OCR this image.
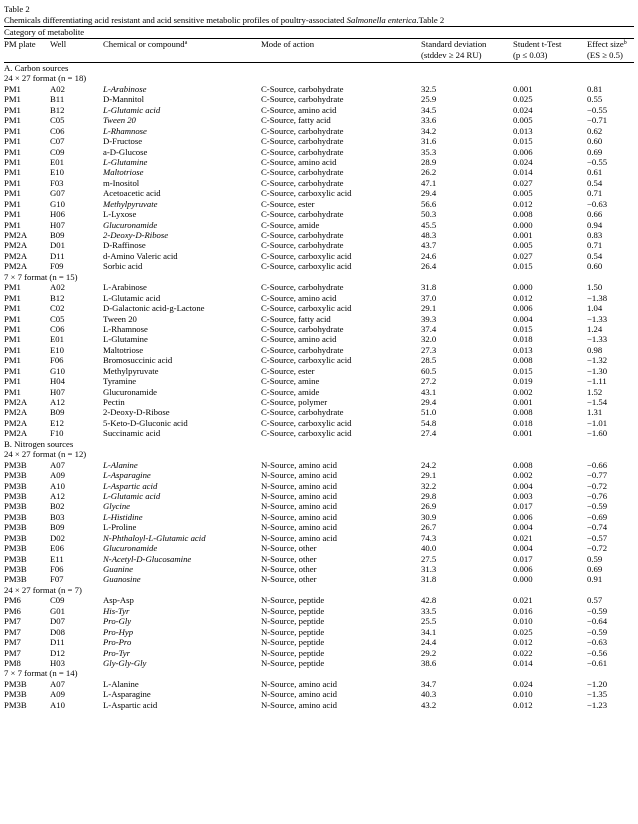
Table 2
Chemicals differentiating acid resistant and acid sensitive metabolic profiles of poultry-associated Salmonella enterica.Table 2
Category of metabolite
PM plate	Well	Chemical or compound$^a$	Mode of action	Standard deviation	Student t-Test	Effect size$^b$
				(stddev ≥ 24 RU)	(p ≤ 0.03)	(ES ≥ 0.5)
A. Carbon sources						
24 × 27 format (n = 18)						
PM1	A02	L-Arabinose	C-Source, carbohydrate	32.5	0.001	0.81
PM1	B11	D-Mannitol	C-Source, carbohydrate	25.9	0.025	0.55
PM1	B12	L-Glutamic acid	C-Source, amino acid	34.5	0.024	−0.55
PM1	C05	Tween 20	C-Source, fatty acid	33.6	0.005	−0.71
PM1	C06	L-Rhamnose	C-Source, carbohydrate	34.2	0.013	0.62
PM1	C07	D-Fructose	C-Source, carbohydrate	31.6	0.015	0.60
PM1	C09	a-D-Glucose	C-Source, carbohydrate	35.3	0.006	0.69
PM1	E01	L-Glutamine	C-Source, amino acid	28.9	0.024	−0.55
PM1	E10	Maltotriose	C-Source, carbohydrate	26.2	0.014	0.61
PM1	F03	m-Inositol	C-Source, carbohydrate	47.1	0.027	0.54
PM1	G07	Acetoacetic acid	C-Source, carboxylic acid	29.4	0.005	0.71
PM1	G10	Methylpyruvate	C-Source, ester	56.6	0.012	−0.63
PM1	H06	L-Lyxose	C-Source, carbohydrate	50.3	0.008	0.66
PM1	H07	Glucuronamide	C-Source, amide	45.5	0.000	0.94
PM2A	B09	2-Deoxy-D-Ribose	C-Source, carbohydrate	48.3	0.001	0.83
PM2A	D01	D-Raffinose	C-Source, carbohydrate	43.7	0.005	0.71
PM2A	D11	d-Amino Valeric acid	C-Source, carboxylic acid	24.6	0.027	0.54
PM2A	F09	Sorbic acid	C-Source, carboxylic acid	26.4	0.015	0.60
7 × 7 format (n = 15)						
PM1	A02	L-Arabinose	C-Source, carbohydrate	31.8	0.000	1.50
PM1	B12	L-Glutamic acid	C-Source, amino acid	37.0	0.012	−1.38
PM1	C02	D-Galactonic acid-g-Lactone	C-Source, carboxylic acid	29.1	0.006	1.04
PM1	C05	Tween 20	C-Source, fatty acid	39.3	0.004	−1.33
PM1	C06	L-Rhamnose	C-Source, carbohydrate	37.4	0.015	1.24
PM1	E01	L-Glutamine	C-Source, amino acid	32.0	0.018	−1.33
PM1	E10	Maltotriose	C-Source, carbohydrate	27.3	0.013	0.98
PM1	F06	Bromosuccinic acid	C-Source, carboxylic acid	28.5	0.008	−1.32
PM1	G10	Methylpyruvate	C-Source, ester	60.5	0.015	−1.30
PM1	H04	Tyramine	C-Source, amine	27.2	0.019	−1.11
PM1	H07	Glucuronamide	C-Source, amide	43.1	0.002	1.52
PM2A	A12	Pectin	C-Source, polymer	29.4	0.001	−1.54
PM2A	B09	2-Deoxy-D-Ribose	C-Source, carbohydrate	51.0	0.008	1.31
PM2A	E12	5-Keto-D-Gluconic acid	C-Source, carboxylic acid	54.8	0.018	−1.01
PM2A	F10	Succinamic acid	C-Source, carboxylic acid	27.4	0.001	−1.60
B. Nitrogen sources						
24 × 27 format (n = 12)						
PM3B	A07	L-Alanine	N-Source, amino acid	24.2	0.008	−0.66
PM3B	A09	L-Asparagine	N-Source, amino acid	29.1	0.002	−0.77
PM3B	A10	L-Aspartic acid	N-Source, amino acid	32.2	0.004	−0.72
PM3B	A12	L-Glutamic acid	N-Source, amino acid	29.8	0.003	−0.76
PM3B	B02	Glycine	N-Source, amino acid	26.9	0.017	−0.59
PM3B	B03	L-Histidine	N-Source, amino acid	30.9	0.006	−0.69
PM3B	B09	L-Proline	N-Source, amino acid	26.7	0.004	−0.74
PM3B	D02	N-Phthaloyl-L-Glutamic acid	N-Source, amino acid	74.3	0.021	−0.57
PM3B	E06	Glucuronamide	N-Source, other	40.0	0.004	−0.72
PM3B	E11	N-Acetyl-D-Glucosamine	N-Source, other	27.5	0.017	0.59
PM3B	F06	Guanine	N-Source, other	31.3	0.006	0.69
PM3B	F07	Guanosine	N-Source, other	31.8	0.000	0.91
24 × 27 format (n = 7)						
PM6	C09	Asp-Asp	N-Source, peptide	42.8	0.021	0.57
PM6	G01	His-Tyr	N-Source, peptide	33.5	0.016	−0.59
PM7	D07	Pro-Gly	N-Source, peptide	25.5	0.010	−0.64
PM7	D08	Pro-Hyp	N-Source, peptide	34.1	0.025	−0.59
PM7	D11	Pro-Pro	N-Source, peptide	24.4	0.012	−0.63
PM7	D12	Pro-Tyr	N-Source, peptide	29.2	0.022	−0.56
PM8	H03	Gly-Gly-Gly	N-Source, peptide	38.6	0.014	−0.61
7 × 7 format (n = 14)						
PM3B	A07	L-Alanine	N-Source, amino acid	34.7	0.024	−1.20
PM3B	A09	L-Asparagine	N-Source, amino acid	40.3	0.010	−1.35
PM3B	A10	L-Aspartic acid	N-Source, amino acid	43.2	0.012	−1.23
